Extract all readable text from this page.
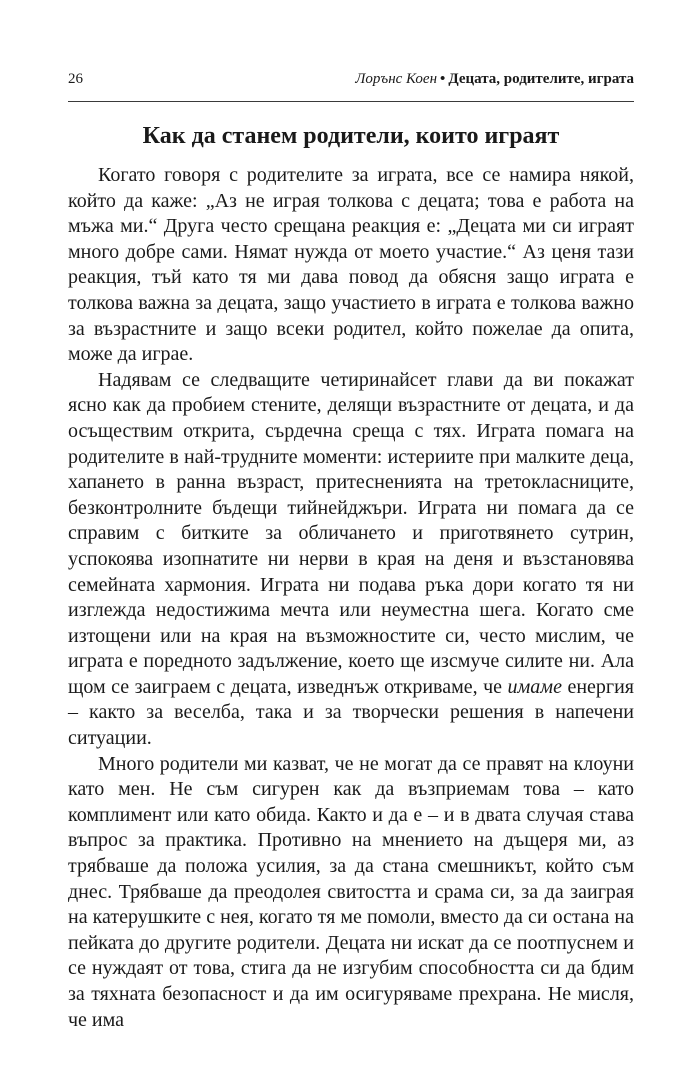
26	Лорънс Коен • Децата, родителите, играта
Как да станем родители, които играят

Когато говоря с родителите за играта, все се намира някой, който да каже: „Аз не играя толкова с децата; това е работа на мъжа ми.“ Друга често срещана реакция е: „Децата ми си играят много добре сами. Нямат нужда от моето участие.“ Аз ценя тази реакция, тъй като тя ми дава повод да обясня защо играта е толкова важна за децата, защо участието в играта е толкова важно за възрастните и защо всеки родител, който пожелае да опита, може да играе.

Надявам се следващите четиринайсет глави да ви покажат ясно как да пробием стените, делящи възрастните от децата, и да осъществим открита, сърдечна среща с тях. Играта помага на родителите в най-трудните моменти: истериите при малките деца, хапането в ранна възраст, притесненията на третокласниците, безконтролните бъдещи тийнейджъри. Играта ни помага да се справим с битките за обличането и приготвянето сутрин, успокоява изопнатите ни нерви в края на деня и възстановява семейната хармония. Играта ни подава ръка дори когато тя ни изглежда недостижима мечта или неуместна шега. Когато сме изтощени или на края на възможностите си, често мислим, че играта е поредното задължение, което ще изсмуче силите ни. Ала щом се заиграем с децата, изведнъж откриваме, че имаме енергия – както за веселба, така и за творчески решения в напечени ситуации.

Много родители ми казват, че не могат да се правят на клоуни като мен. Не съм сигурен как да възприемам това – като комплимент или като обида. Както и да е – и в двата случая става въпрос за практика. Противно на мнението на дъщеря ми, аз трябваше да положа усилия, за да стана смешникът, който съм днес. Трябваше да преодолея свитостта и срама си, за да заиграя на катерушките с нея, когато тя ме помоли, вместо да си остана на пейката до другите родители. Децата ни искат да се поотпуснем и се нуждаят от това, стига да не изгубим способността си да бдим за тяхната безопасност и да им осигуряваме прехрана. Не мисля, че има
